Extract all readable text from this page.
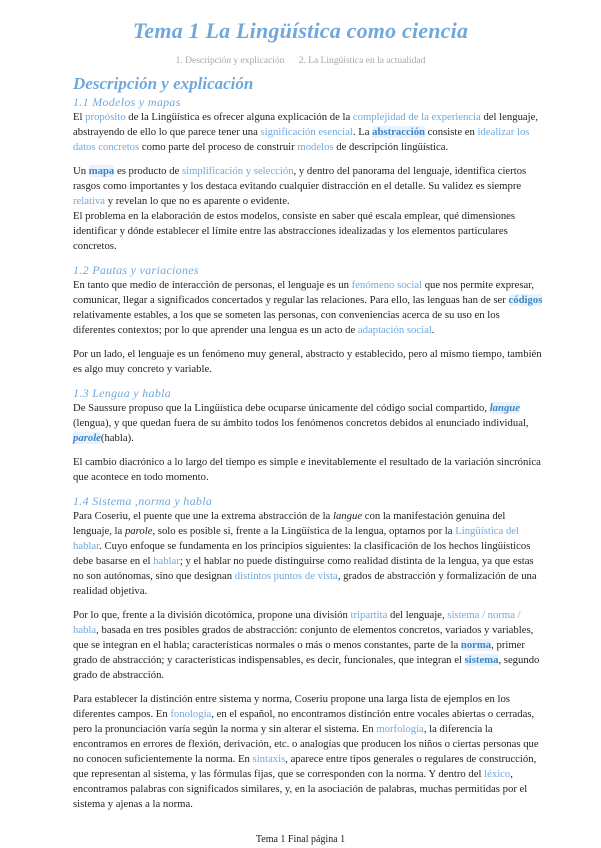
Tema 1 La Lingüística como ciencia
1. Descripción y explicación 2. La Lingüística en la actualidad
Descripción y explicación
1.1 Modelos y mapas

El propósito de la Lingüística es ofrecer alguna explicación de la complejidad de la experiencia del lenguaje, abstrayendo de ello lo que parece tener una significación esencial. La abstracción consiste en idealizar los datos concretos como parte del proceso de construir modelos de descripción lingüística.

Un mapa es producto de simplificación y selección, y dentro del panorama del lenguaje, identifica ciertos rasgos como importantes y los destaca evitando cualquier distracción en el detalle. Su validez es siempre relativa y revelan lo que no es aparente o evidente.

El problema en la elaboración de estos modelos, consiste en saber qué escala emplear, qué dimensiones identificar y dónde establecer el límite entre las abstracciones idealizadas y los elementos particulares concretos.

1.2 Pautas y variaciones

En tanto que medio de interacción de personas, el lenguaje es un fenómeno social que nos permite expresar, comunicar, llegar a significados concertados y regular las relaciones. Para ello, las lenguas han de ser códigos relativamente estables, a los que se someten las personas, con conveniencias acerca de su uso en los diferentes contextos; por lo que aprender una lengua es un acto de adaptación social.

Por un lado, el lenguaje es un fenómeno muy general, abstracto y establecido, pero al mismo tiempo, también es algo muy concreto y variable.

1.3 Lengua y habla

De Saussure propuso que la Lingüística debe ocuparse únicamente del código social compartido, langue (lengua), y que quedan fuera de su ámbito todos los fenómenos concretos debidos al enunciado individual, parole(habla).

El cambio diacrónico a lo largo del tiempo es simple e inevitablemente el resultado de la variación sincrónica que acontece en todo momento.

1.4 Sistema ,norma y habla

Para Coseriu, el puente que une la extrema abstracción de la langue con la manifestación genuina del lenguaje, la parole, solo es posible si, frente a la Lingüística de la lengua, optamos por la Lingüística del hablar. Cuyo enfoque se fundamenta en los principios siguientes: la clasificación de los hechos lingüísticos debe basarse en el hablar; y el hablar no puede distinguirse como realidad distinta de la lengua, ya que estas no son autónomas, sino que designan distintos puntos de vista, grados de abstracción y formalización de una realidad objetiva.

Por lo que, frente a la división dicotómica, propone una división tripartita del lenguaje, sistema / norma / habla, basada en tres posibles grados de abstracción: conjunto de elementos concretos, variados y variables, que se integran en el habla; características normales o más o menos constantes, parte de la norma, primer grado de abstracción; y características indispensables, es decir, funcionales, que integran el sistema, segundo grado de abstracción.

Para establecer la distinción entre sistema y norma, Coseriu propone una larga lista de ejemplos en los diferentes campos. En fonología, en el español, no encontramos distinción entre vocales abiertas o cerradas, pero la pronunciación varía según la norma y sin alterar el sistema. En morfología, la diferencia la encontramos en errores de flexión, derivación, etc. o analogías que producen los niños o ciertas personas que no conocen suficientemente la norma. En sintaxis, aparece entre tipos generales o regulares de construcción, que representan al sistema, y las fórmulas fijas, que se corresponden con la norma. Y dentro del léxico, encontramos palabras con significados similares, y, en la asociación de palabras, muchas permitidas por el sistema y ajenas a la norma.

Tema 1 Final página 1
